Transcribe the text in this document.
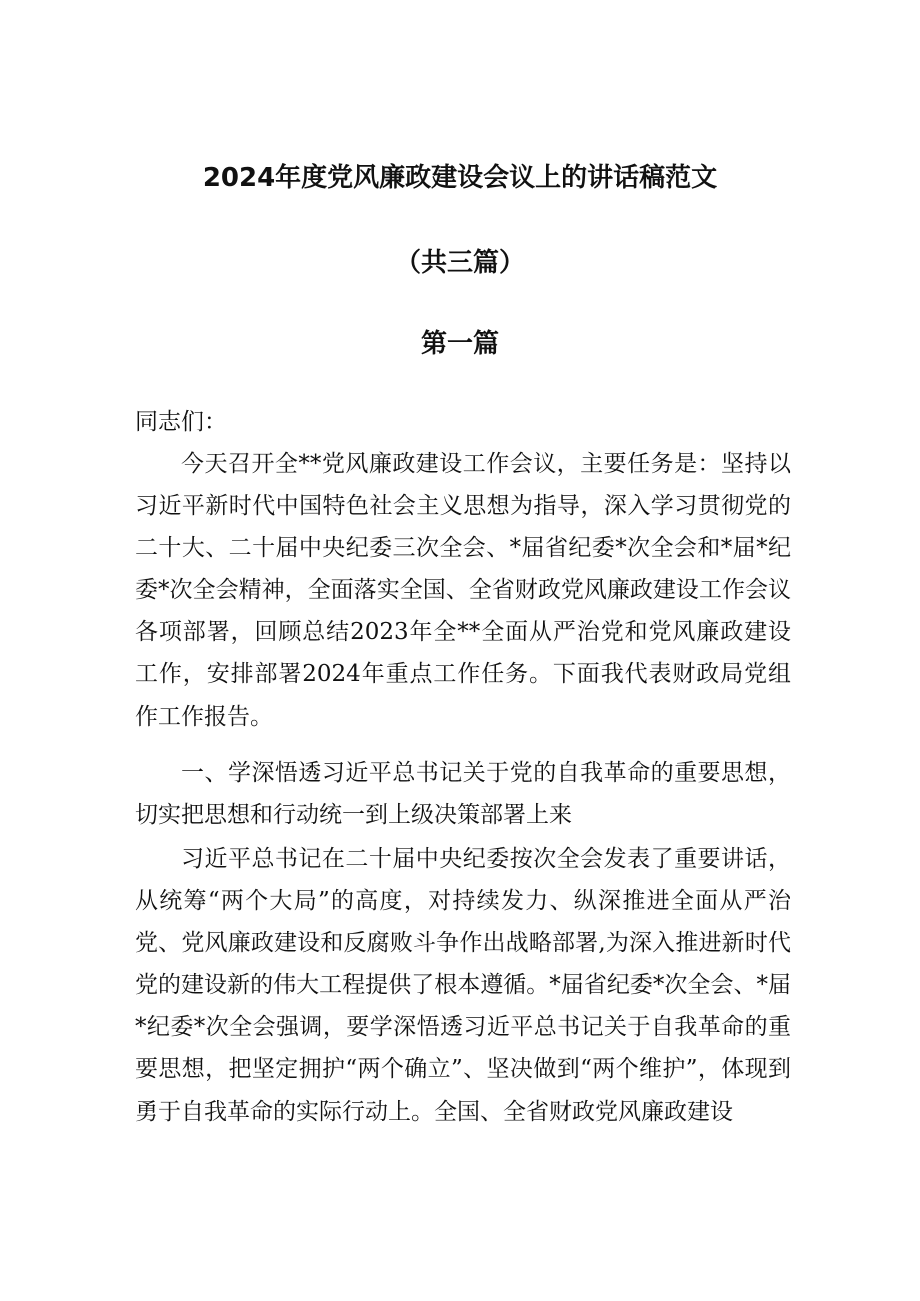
2024年度党风廉政建设会议上的讲话稿范文
（共三篇）
第一篇
同志们：
今天召开全**党风廉政建设工作会议，主要任务是：坚持以习近平新时代中国特色社会主义思想为指导，深入学习贯彻党的二十大、二十届中央纪委三次全会、*届省纪委*次全会和*届*纪委*次全会精神，全面落实全国、全省财政党风廉政建设工作会议各项部署，回顾总结2023年全**全面从严治党和党风廉政建设工作，安排部署2024年重点工作任务。下面我代表财政局党组作工作报告。
一、学深悟透习近平总书记关于党的自我革命的重要思想，切实把思想和行动统一到上级决策部署上来
习近平总书记在二十届中央纪委按次全会发表了重要讲话，从统筹“两个大局”的高度，对持续发力、纵深推进全面从严治党、党风廉政建设和反腐败斗争作出战略部署,为深入推进新时代党的建设新的伟大工程提供了根本遵循。*届省纪委*次全会、*届*纪委*次全会强调，要学深悟透习近平总书记关于自我革命的重要思想，把坚定拥护“两个确立”、坚决做到“两个维护”，体现到勇于自我革命的实际行动上。全国、全省财政党风廉政建设
